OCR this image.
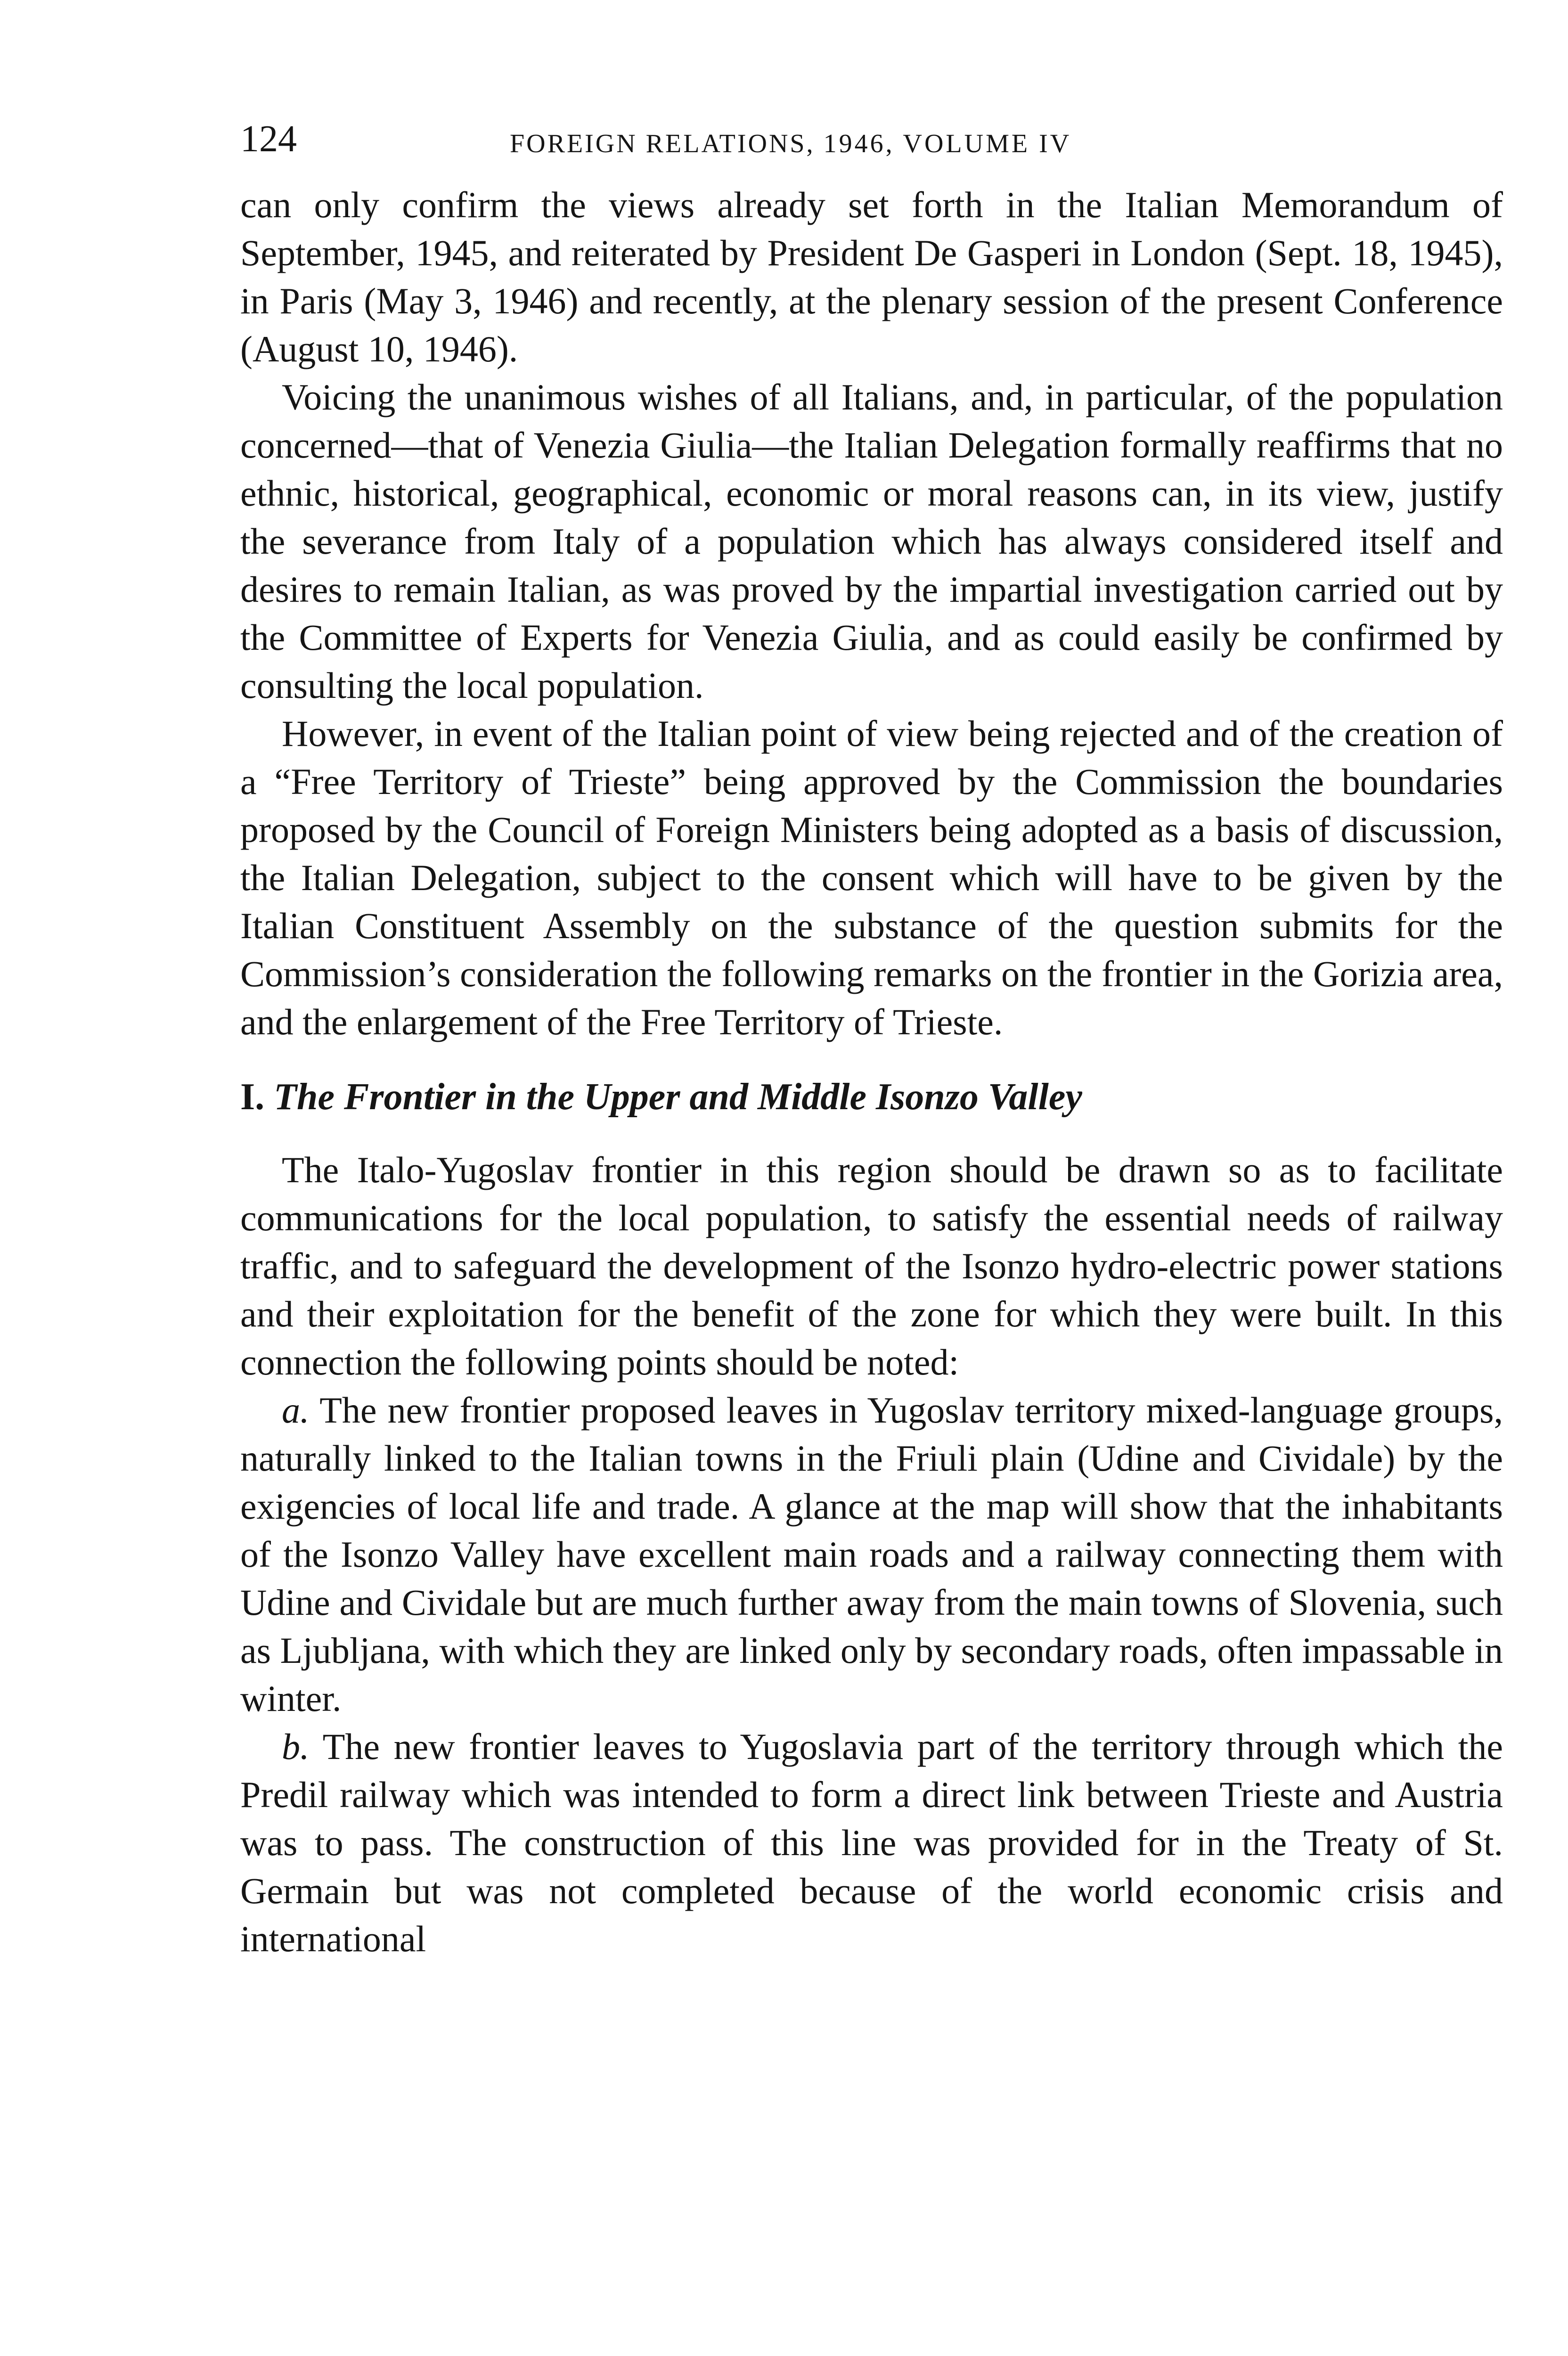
124	FOREIGN RELATIONS, 1946, VOLUME IV

can only confirm the views already set forth in the Italian Memorandum of September, 1945, and reiterated by President De Gasperi in London (Sept. 18, 1945), in Paris (May 3, 1946) and recently, at the plenary session of the present Conference (August 10, 1946).

Voicing the unanimous wishes of all Italians, and, in particular, of the population concerned—that of Venezia Giulia—the Italian Delegation formally reaffirms that no ethnic, historical, geographical, economic or moral reasons can, in its view, justify the severance from Italy of a population which has always considered itself and desires to remain Italian, as was proved by the impartial investigation carried out by the Committee of Experts for Venezia Giulia, and as could easily be confirmed by consulting the local population.

However, in event of the Italian point of view being rejected and of the creation of a “Free Territory of Trieste” being approved by the Commission the boundaries proposed by the Council of Foreign Ministers being adopted as a basis of discussion, the Italian Delegation, subject to the consent which will have to be given by the Italian Constituent Assembly on the substance of the question submits for the Commission’s consideration the following remarks on the frontier in the Gorizia area, and the enlargement of the Free Territory of Trieste.

I. The Frontier in the Upper and Middle Isonzo Valley

The Italo-Yugoslav frontier in this region should be drawn so as to facilitate communications for the local population, to satisfy the essential needs of railway traffic, and to safeguard the development of the Isonzo hydro-electric power stations and their exploitation for the benefit of the zone for which they were built. In this connection the following points should be noted:

a. The new frontier proposed leaves in Yugoslav territory mixed-language groups, naturally linked to the Italian towns in the Friuli plain (Udine and Cividale) by the exigencies of local life and trade. A glance at the map will show that the inhabitants of the Isonzo Valley have excellent main roads and a railway connecting them with Udine and Cividale but are much further away from the main towns of Slovenia, such as Ljubljana, with which they are linked only by secondary roads, often impassable in winter.

b. The new frontier leaves to Yugoslavia part of the territory through which the Predil railway which was intended to form a direct link between Trieste and Austria was to pass. The construction of this line was provided for in the Treaty of St. Germain but was not completed because of the world economic crisis and international
